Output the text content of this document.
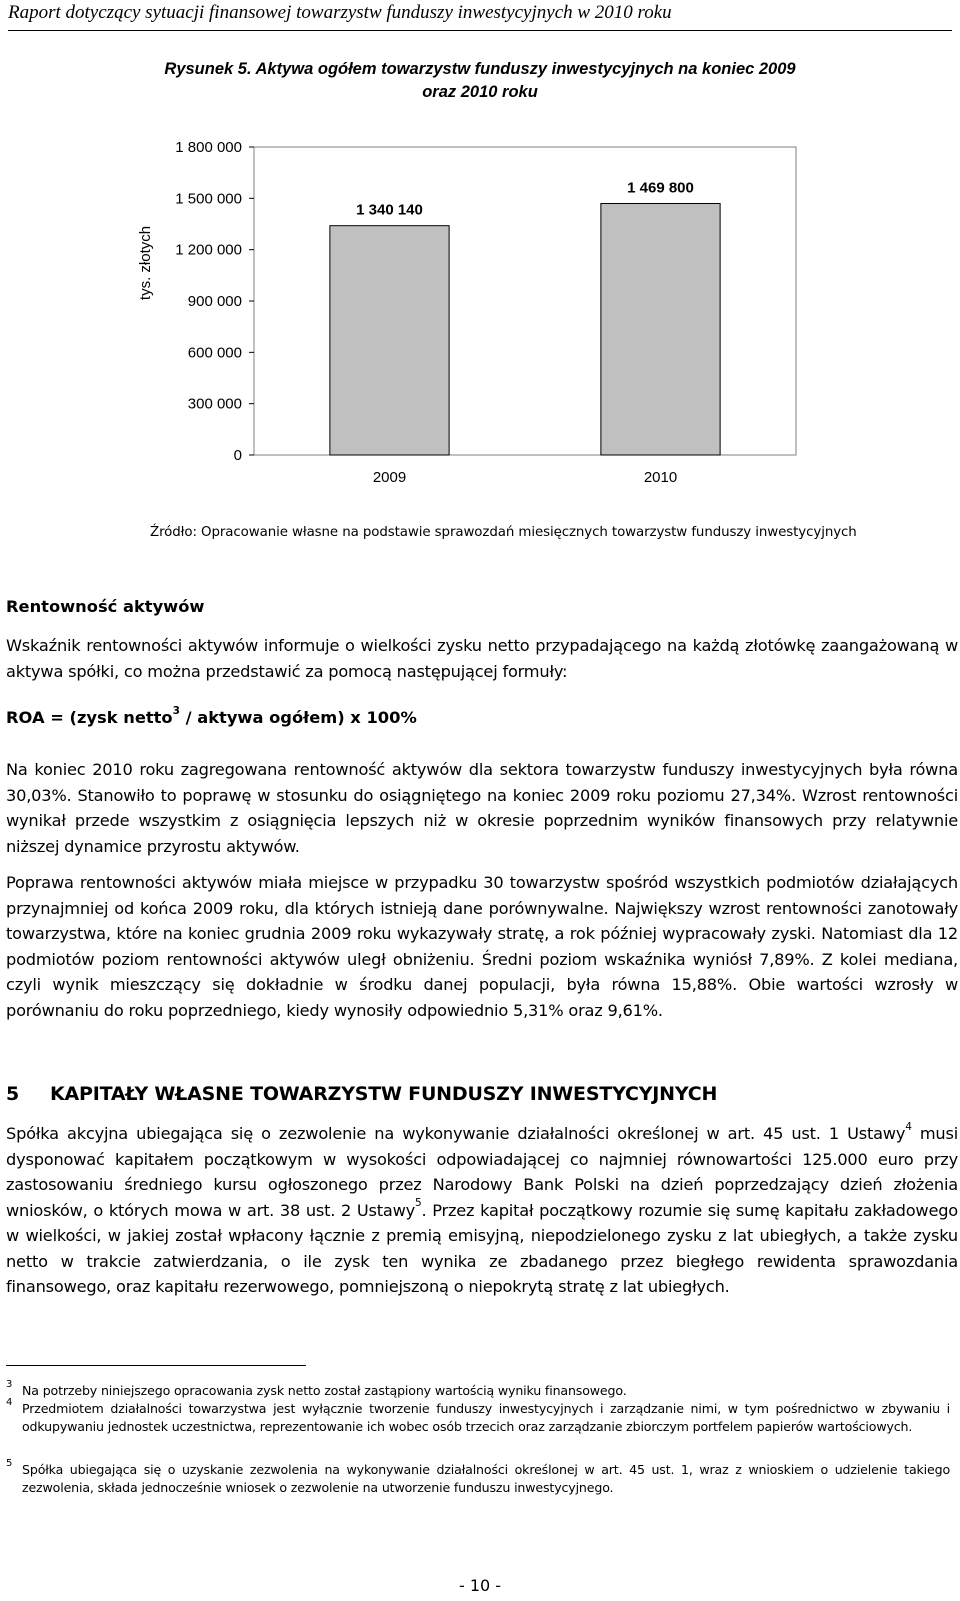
Raport dotyczący sytuacji finansowej towarzystw funduszy inwestycyjnych w 2010 roku
Rysunek 5. Aktywa ogółem towarzystw funduszy inwestycyjnych na koniec 2009
oraz 2010 roku
0
300 000
600 000
900 000
1 200 000
1 500 000
1 800 000
1 340 140
2009
1 469 800
2010
tys. złotych
Źródło: Opracowanie własne na podstawie sprawozdań miesięcznych towarzystw funduszy inwestycyjnych
Rentowność aktywów
Wskaźnik rentowności aktywów informuje o wielkości zysku netto przypadającego na każdą złotówkę zaangażowaną w aktywa spółki, co można przedstawić za pomocą następującej formuły:
ROA = (zysk netto$^3$ / aktywa ogółem) x 100%
Na koniec 2010 roku zagregowana rentowność aktywów dla sektora towarzystw funduszy inwestycyjnych była równa 30,03%. Stanowiło to poprawę w stosunku do osiągniętego na koniec 2009 roku poziomu 27,34%. Wzrost rentowności wynikał przede wszystkim z osiągnięcia lepszych niż w okresie poprzednim wyników finansowych przy relatywnie niższej dynamice przyrostu aktywów.
Poprawa rentowności aktywów miała miejsce w przypadku 30 towarzystw spośród wszystkich podmiotów działających przynajmniej od końca 2009 roku, dla których istnieją dane porównywalne. Największy wzrost rentowności zanotowały towarzystwa, które na koniec grudnia 2009 roku wykazywały stratę, a rok później wypracowały zyski. Natomiast dla 12 podmiotów poziom rentowności aktywów uległ obniżeniu. Średni poziom wskaźnika wyniósł 7,89%. Z kolei mediana, czyli wynik mieszczący się dokładnie w środku danej populacji, była równa 15,88%. Obie wartości wzrosły w porównaniu do roku poprzedniego, kiedy wynosiły odpowiednio 5,31% oraz 9,61%.
5 KAPITAŁY WŁASNE TOWARZYSTW FUNDUSZY INWESTYCYJNYCH
Spółka akcyjna ubiegająca się o zezwolenie na wykonywanie działalności określonej w art. 45 ust. 1 Ustawy$^4$ musi dysponować kapitałem początkowym w wysokości odpowiadającej co najmniej równowartości 125.000 euro przy zastosowaniu średniego kursu ogłoszonego przez Narodowy Bank Polski na dzień poprzedzający dzień złożenia wniosków, o których mowa w art. 38 ust. 2 Ustawy$^5$. Przez kapitał początkowy rozumie się sumę kapitału zakładowego w wielkości, w jakiej został wpłacony łącznie z premią emisyjną, niepodzielonego zysku z lat ubiegłych, a także zysku netto w trakcie zatwierdzania, o ile zysk ten wynika ze zbadanego przez biegłego rewidenta sprawozdania finansowego, oraz kapitału rezerwowego, pomniejszoną o niepokrytą stratę z lat ubiegłych.
3 Na potrzeby niniejszego opracowania zysk netto został zastąpiony wartością wyniku finansowego.
4 Przedmiotem działalności towarzystwa jest wyłącznie tworzenie funduszy inwestycyjnych i zarządzanie nimi, w tym pośrednictwo w zbywaniu i odkupywaniu jednostek uczestnictwa, reprezentowanie ich wobec osób trzecich oraz zarządzanie zbiorczym portfelem papierów wartościowych.
5 Spółka ubiegająca się o uzyskanie zezwolenia na wykonywanie działalności określonej w art. 45 ust. 1, wraz z wnioskiem o udzielenie takiego zezwolenia, składa jednocześnie wniosek o zezwolenie na utworzenie funduszu inwestycyjnego.
- 10 -
